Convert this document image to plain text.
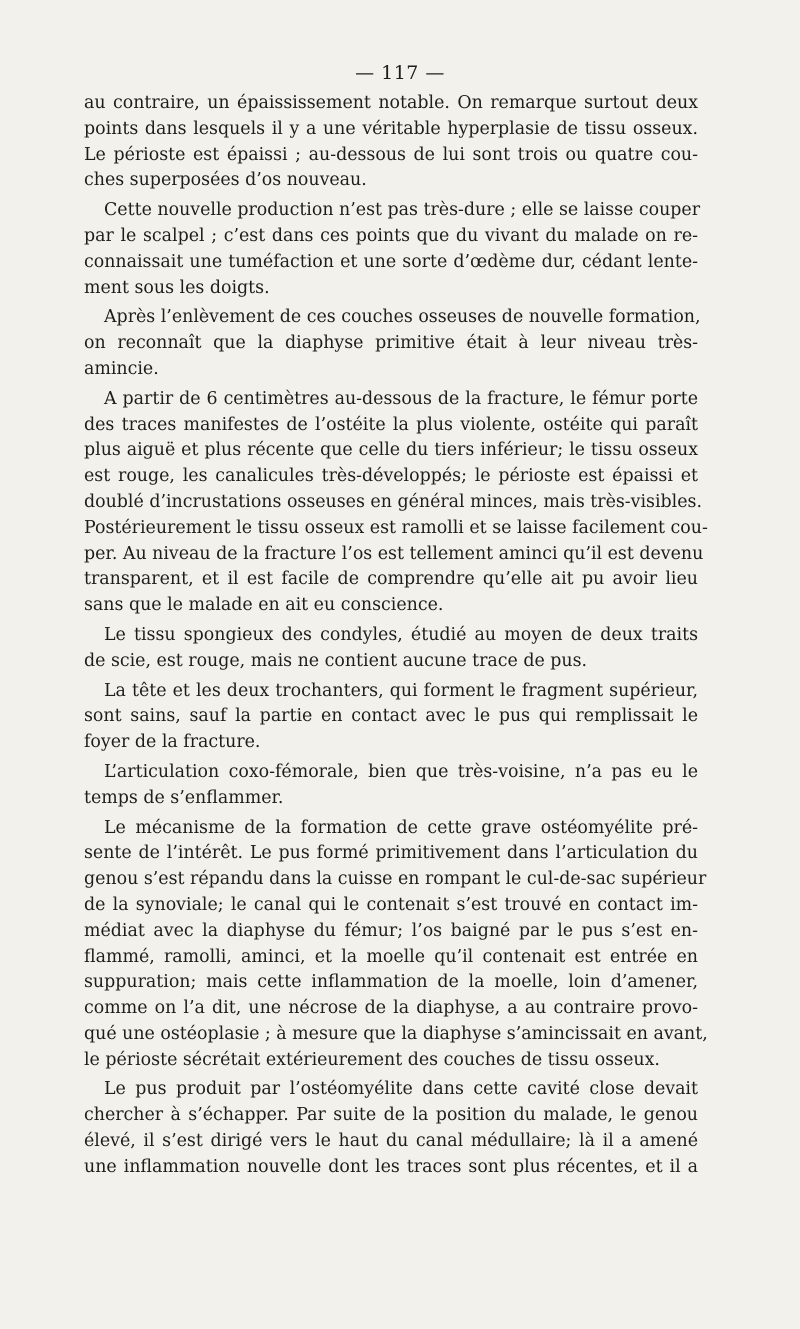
— 117 —
au contraire, un épaississement notable. On remarque surtout deux
points dans lesquels il y a une véritable hyperplasie de tissu osseux.
Le périoste est épaissi ; au-dessous de lui sont trois ou quatre cou-
ches superposées d’os nouveau.
Cette nouvelle production n’est pas très-dure ; elle se laisse couper
par le scalpel ; c’est dans ces points que du vivant du malade on re-
connaissait une tuméfaction et une sorte d’œdème dur, cédant lente-
ment sous les doigts.
Après l’enlèvement de ces couches osseuses de nouvelle formation,
on reconnaît que la diaphyse primitive était à leur niveau très-
amincie.
A partir de 6 centimètres au-dessous de la fracture, le fémur porte
des traces manifestes de l’ostéite la plus violente, ostéite qui paraît
plus aiguë et plus récente que celle du tiers inférieur; le tissu osseux
est rouge, les canalicules très-développés; le périoste est épaissi et
doublé d’incrustations osseuses en général minces, mais très-visibles.
Postérieurement le tissu osseux est ramolli et se laisse facilement cou-
per. Au niveau de la fracture l’os est tellement aminci qu’il est devenu
transparent, et il est facile de comprendre qu’elle ait pu avoir lieu
sans que le malade en ait eu conscience.
Le tissu spongieux des condyles, étudié au moyen de deux traits
de scie, est rouge, mais ne contient aucune trace de pus.
La tête et les deux trochanters, qui forment le fragment supérieur,
sont sains, sauf la partie en contact avec le pus qui remplissait le
foyer de la fracture.
L’articulation coxo-fémorale, bien que très-voisine, n’a pas eu le
temps de s’enflammer.
Le mécanisme de la formation de cette grave ostéomyélite pré-
sente de l’intérêt. Le pus formé primitivement dans l’articulation du
genou s’est répandu dans la cuisse en rompant le cul-de-sac supérieur
de la synoviale; le canal qui le contenait s’est trouvé en contact im-
médiat avec la diaphyse du fémur; l’os baigné par le pus s’est en-
flammé, ramolli, aminci, et la moelle qu’il contenait est entrée en
suppuration; mais cette inflammation de la moelle, loin d’amener,
comme on l’a dit, une nécrose de la diaphyse, a au contraire provo-
qué une ostéoplasie ; à mesure que la diaphyse s’amincissait en avant,
le périoste sécrétait extérieurement des couches de tissu osseux.
Le pus produit par l’ostéomyélite dans cette cavité close devait
chercher à s’échapper. Par suite de la position du malade, le genou
élevé, il s’est dirigé vers le haut du canal médullaire; là il a amené
une inflammation nouvelle dont les traces sont plus récentes, et il a
